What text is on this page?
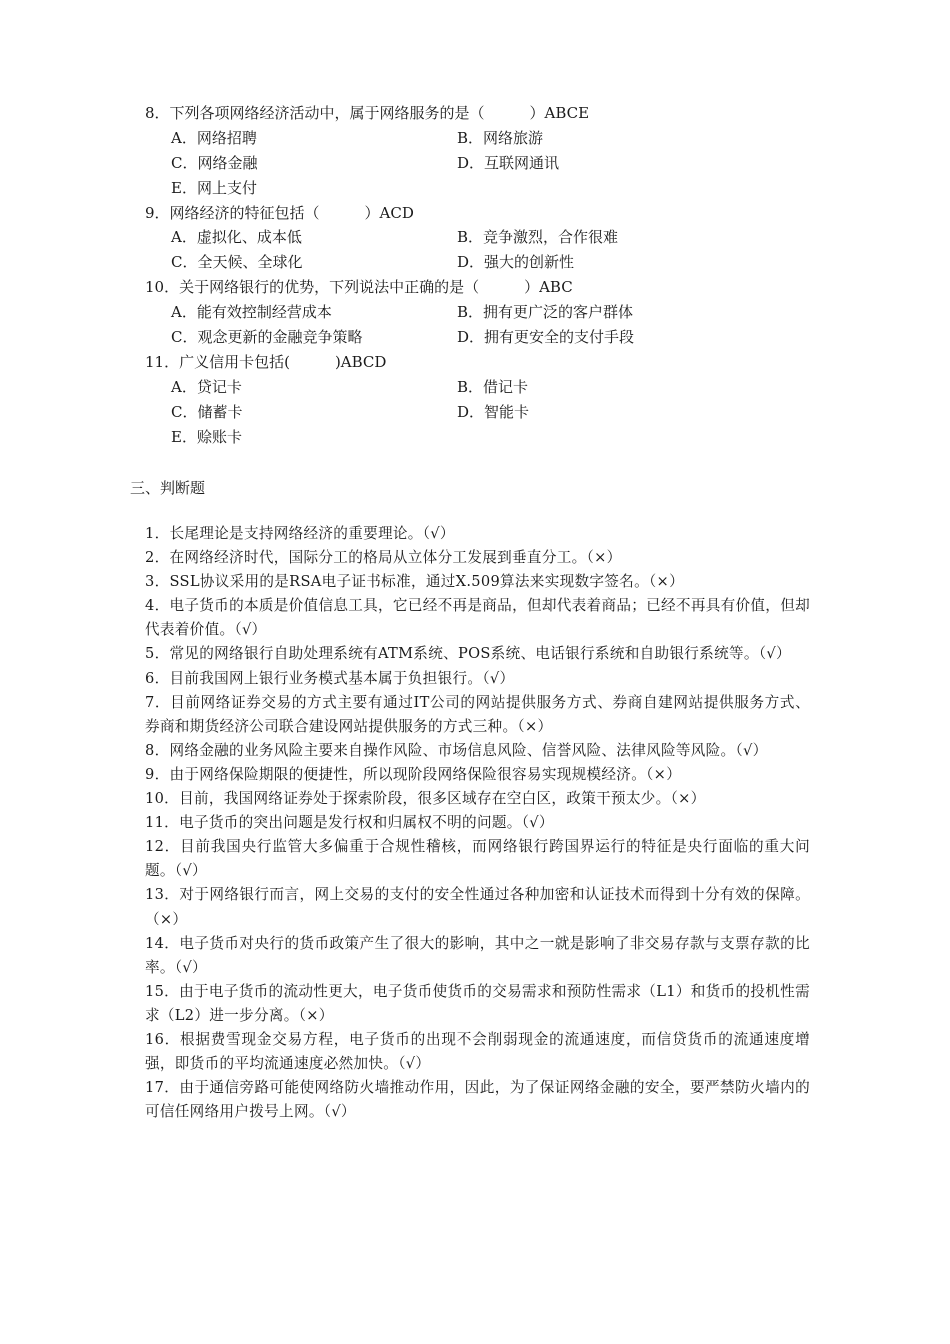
8．下列各项网络经济活动中，属于网络服务的是（　　　）ABCE
A．网络招聘	B．网络旅游
C．网络金融	D．互联网通讯
E．网上支付
9．网络经济的特征包括（　　　）ACD
A．虚拟化、成本低	B．竞争激烈，合作很难
C．全天候、全球化	D．强大的创新性
10．关于网络银行的优势，下列说法中正确的是（　　　）ABC
A．能有效控制经营成本	B．拥有更广泛的客户群体
C．观念更新的金融竞争策略	D．拥有更安全的支付手段
11．广义信用卡包括(　　　)ABCD
A．贷记卡	B．借记卡
C．储蓄卡	D．智能卡
E．赊账卡
三、判断题
1．长尾理论是支持网络经济的重要理论。（√）
2．在网络经济时代，国际分工的格局从立体分工发展到垂直分工。（×）
3．SSL协议采用的是RSA电子证书标准，通过X.509算法来实现数字签名。（×）
4．电子货币的本质是价值信息工具，它已经不再是商品，但却代表着商品；已经不再具有价值，但却代表着价值。（√）
5．常见的网络银行自助处理系统有ATM系统、POS系统、电话银行系统和自助银行系统等。（√）
6．目前我国网上银行业务模式基本属于负担银行。（√）
7．目前网络证券交易的方式主要有通过IT公司的网站提供服务方式、券商自建网站提供服务方式、券商和期货经济公司联合建设网站提供服务的方式三种。（×）
8．网络金融的业务风险主要来自操作风险、市场信息风险、信誉风险、法律风险等风险。（√）
9．由于网络保险期限的便捷性，所以现阶段网络保险很容易实现规模经济。（×）
10．目前，我国网络证券处于探索阶段，很多区域存在空白区，政策干预太少。（×）
11．电子货币的突出问题是发行权和归属权不明的问题。（√）
12．目前我国央行监管大多偏重于合规性稽核，而网络银行跨国界运行的特征是央行面临的重大问题。（√）
13．对于网络银行而言，网上交易的支付的安全性通过各种加密和认证技术而得到十分有效的保障。（×）
14．电子货币对央行的货币政策产生了很大的影响，其中之一就是影响了非交易存款与支票存款的比率。（√）
15．由于电子货币的流动性更大，电子货币使货币的交易需求和预防性需求（L1）和货币的投机性需求（L2）进一步分离。（×）
16．根据费雪现金交易方程，电子货币的出现不会削弱现金的流通速度，而信贷货币的流通速度增强，即货币的平均流通速度必然加快。（√）
17．由于通信旁路可能使网络防火墙推动作用，因此，为了保证网络金融的安全，要严禁防火墙内的可信任网络用户拨号上网。（√）
